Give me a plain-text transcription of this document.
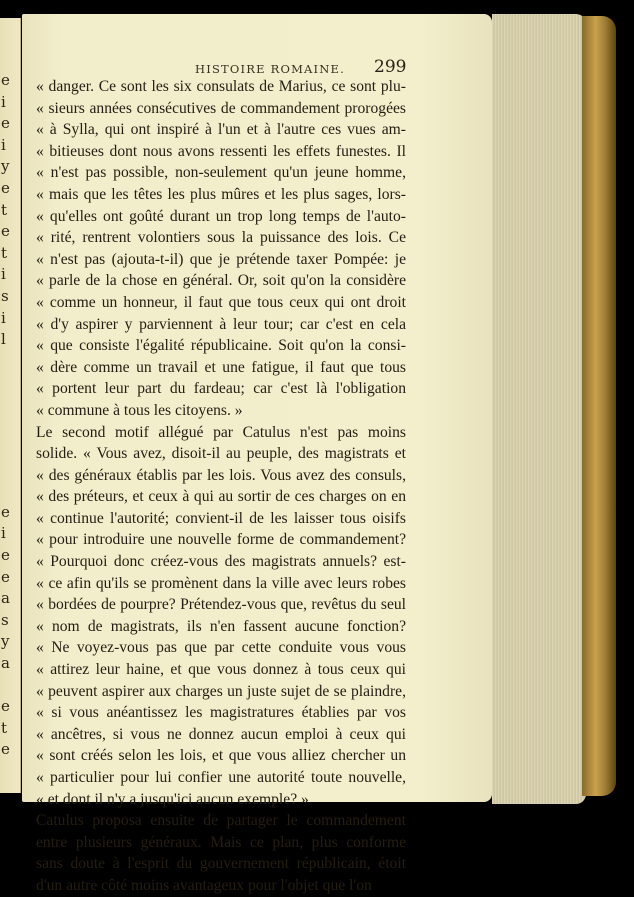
e
i
e
i
y
e
t
e
t
i
s
i
l
e
i
e
e
a
s
y
a
e
t
e
HISTOIRE ROMAINE.	299
« danger. Ce sont les six consulats de Marius, ce sont plu-
« sieurs années consécutives de commandement prorogées
« à Sylla, qui ont inspiré à l'un et à l'autre ces vues am-
« bitieuses dont nous avons ressenti les effets funestes. Il
« n'est pas possible, non-seulement qu'un jeune homme,
« mais que les têtes les plus mûres et les plus sages, lors-
« qu'elles ont goûté durant un trop long temps de l'auto-
« rité, rentrent volontiers sous la puissance des lois. Ce
« n'est pas (ajouta-t-il) que je prétende taxer Pompée: je
« parle de la chose en général. Or, soit qu'on la considère
« comme un honneur, il faut que tous ceux qui ont droit
« d'y aspirer y parviennent à leur tour; car c'est en cela
« que consiste l'égalité républicaine. Soit qu'on la consi-
« dère comme un travail et une fatigue, il faut que tous
« portent leur part du fardeau; car c'est là l'obligation
« commune à tous les citoyens. »
Le second motif allégué par Catulus n'est pas moins
solide. « Vous avez, disoit-il au peuple, des magistrats et
« des généraux établis par les lois. Vous avez des consuls,
« des préteurs, et ceux à qui au sortir de ces charges on en
« continue l'autorité; convient-il de les laisser tous oisifs
« pour introduire une nouvelle forme de commandement?
« Pourquoi donc créez-vous des magistrats annuels? est-
« ce afin qu'ils se promènent dans la ville avec leurs robes
« bordées de pourpre? Prétendez-vous que, revêtus du seul
« nom de magistrats, ils n'en fassent aucune fonction?
« Ne voyez-vous pas que par cette conduite vous vous
« attirez leur haine, et que vous donnez à tous ceux qui
« peuvent aspirer aux charges un juste sujet de se plaindre,
« si vous anéantissez les magistratures établies par vos
« ancêtres, si vous ne donnez aucun emploi à ceux qui
« sont créés selon les lois, et que vous alliez chercher un
« particulier pour lui confier une autorité toute nouvelle,
« et dont il n'y a jusqu'ici aucun exemple? »
Catulus proposa ensuite de partager le commandement
entre plusieurs généraux. Mais ce plan, plus conforme
sans doute à l'esprit du gouvernement républicain, étoit
d'un autre côté moins avantageux pour l'objet que l'on
